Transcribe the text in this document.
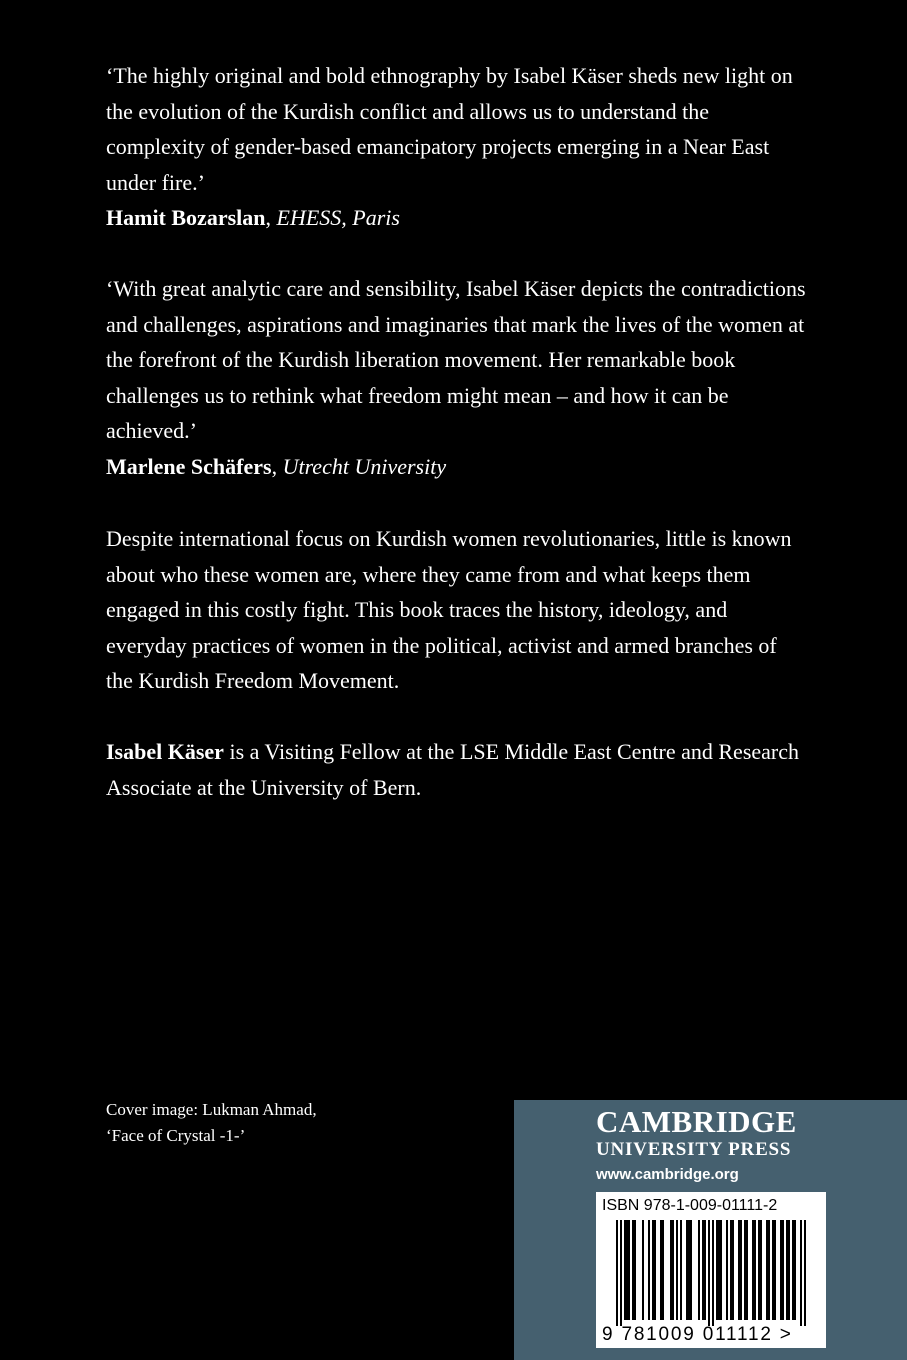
‘The highly original and bold ethnography by Isabel Käser sheds new light on the evolution of the Kurdish conflict and allows us to understand the complexity of gender-based emancipatory projects emerging in a Near East under fire.’

Hamit Bozarslan, EHESS, Paris

‘With great analytic care and sensibility, Isabel Käser depicts the contradictions and challenges, aspirations and imaginaries that mark the lives of the women at the forefront of the Kurdish liberation movement. Her remarkable book challenges us to rethink what freedom might mean – and how it can be achieved.’

Marlene Schäfers, Utrecht University

Despite international focus on Kurdish women revolutionaries, little is known about who these women are, where they came from and what keeps them engaged in this costly fight. This book traces the history, ideology, and everyday practices of women in the political, activist and armed branches of the Kurdish Freedom Movement.

Isabel Käser is a Visiting Fellow at the LSE Middle East Centre and Research Associate at the University of Bern.

Cover image: Lukman Ahmad,
‘Face of Crystal -1-’	CAMBRIDGE
UNIVERSITY PRESS
www.cambridge.org
ISBN 978-1-009-01111-2
9 781009 011112 >
